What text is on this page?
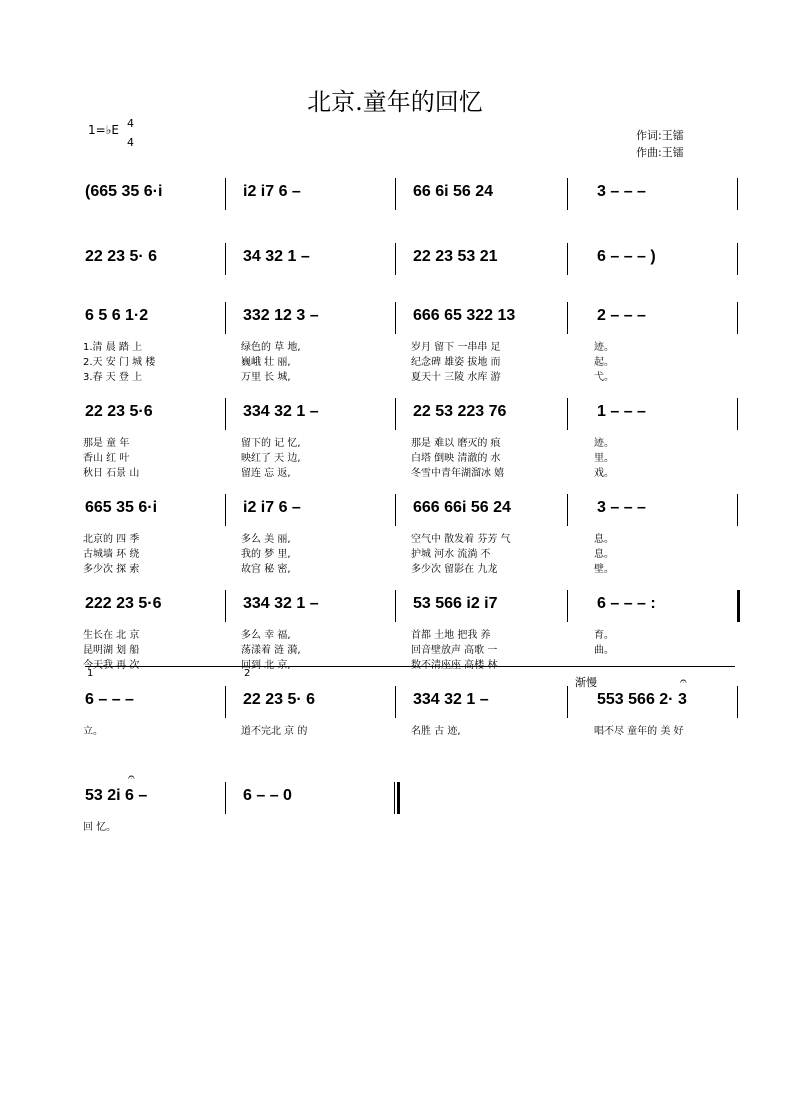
北京.童年的回忆
作词:王镭
作曲:王镭
1=♭E 4
4
(665 35 6·i	i2 i7 6 –	66 6i 56 24	3 – – –
22 23 5· 6	34 32 1 –	22 23 53 21	6 – – – )
6 5 6 1·2	332 12 3 –	666 65 322 13	2 – – –
1.清 晨 踏 上	绿色的 草 地,	岁月 留下 一串串 足	迹。
2.天 安 门 城 楼	巍峨 壮 丽,	纪念碑 雄姿 拔地 而	起。
3.春 天 登 上	万里 长 城,	夏天十 三陵 水库 游	弋。
22 23 5·6	334 32 1 –	22 53 223 76	1 – – –
那是 童 年	留下的 记 忆,	那是 难以 磨灭的 痕	迹。
香山 红 叶	映红了 天 边,	白塔 倒映 清澈的 水	里。
秋日 石景 山	留连 忘 返,	冬雪中青年湖溜冰 嬉	戏。
665 35 6·i	i2 i7 6 –	666 66i 56 24	3 – – –
北京的 四 季	多么 美 丽,	空气中 散发着 芬芳 气	息。
古城墙 环 绕	我的 梦 里,	护城 河水 流淌 不	息。
多少次 探 索	故宫 秘 密,	多少次 留影在 九龙	壁。
222 23 5·6	334 32 1 –	53 566 i2 i7	6 – – – :
生长在 北 京	多么 幸 福,	首都 土地 把我 养	育。
昆明湖 划 船	荡漾着 涟 漪,	回音壁放声 高歌 一	曲。
今天我 再 次	回到 北 京,	数不清座座 高楼 林
6 – – –	22 23 5· 6	334 32 1 –	553 566 2· 3
立。	道不完北 京 的	名胜 古 迹,	唱不尽 童年的 美 好
1	2
渐慢	𝄐
53 2i 6 –	6 – – 0
回 忆。
𝄐
